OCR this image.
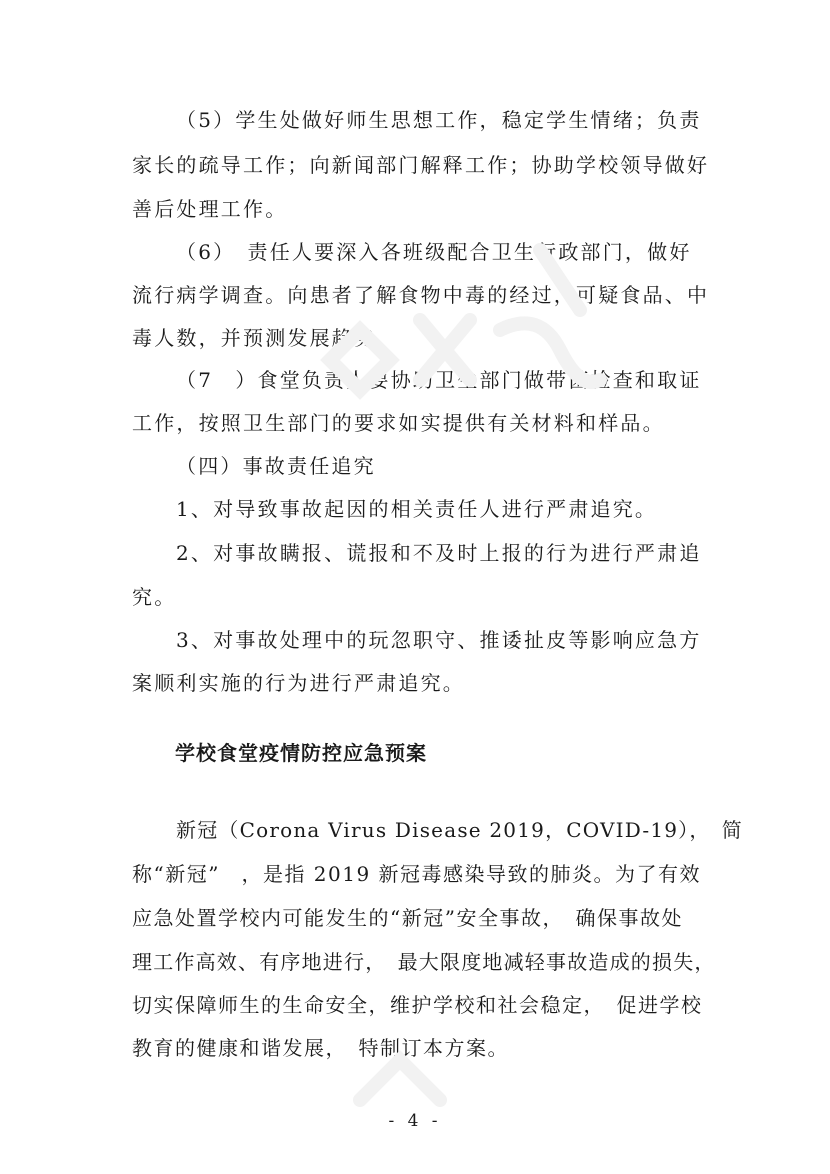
（5）学生处做好师生思想工作，稳定学生情绪；负责

家长的疏导工作；向新闻部门解释工作；协助学校领导做好

善后处理工作。

（6）　责任人要深入各班级配合卫生行政部门，做好

流行病学调查。向患者了解食物中毒的经过，可疑食品、中

毒人数，并预测发展趋势

（7　）食堂负责人要协助卫生部门做带菌检查和取证

工作，按照卫生部门的要求如实提供有关材料和样品。

（四）事故责任追究

1、对导致事故起因的相关责任人进行严肃追究。

2、对事故瞒报、谎报和不及时上报的行为进行严肃追

究。

3、对事故处理中的玩忽职守、推诿扯皮等影响应急方

案顺利实施的行为进行严肃追究。

学校食堂疫情防控应急预案

新冠（Corona Virus Disease 2019，COVID-19），　简

称“新冠”　，是指 2019 新冠毒感染导致的肺炎。为了有效

应急处置学校内可能发生的“新冠”安全事故，　确保事故处

理工作高效、有序地进行，　最大限度地减轻事故造成的损失，

切实保障师生的生命安全，维护学校和社会稳定，　促进学校

教育的健康和谐发展，　特制订本方案。

- 4 -
